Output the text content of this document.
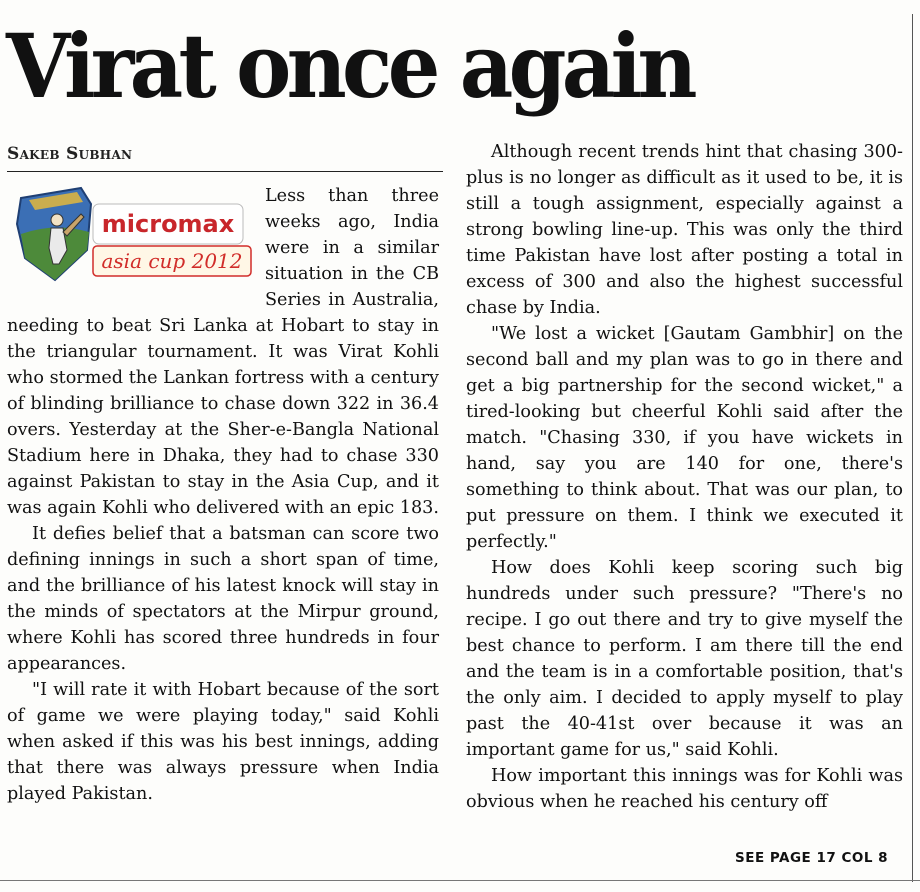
Virat once again
Sakeb Subhan
micromax
asia cup 2012

Less than three weeks ago, India were in a similar situation in the CB Series in Australia, needing to beat Sri Lanka at Hobart to stay in the triangular tournament. It was Virat Kohli who stormed the Lankan fortress with a century of blinding brilliance to chase down 322 in 36.4 overs. Yesterday at the Sher-e-Bangla National Stadium here in Dhaka, they had to chase 330 against Pakistan to stay in the Asia Cup, and it was again Kohli who delivered with an epic 183.

It defies belief that a batsman can score two defining innings in such a short span of time, and the brilliance of his latest knock will stay in the minds of spectators at the Mirpur ground, where Kohli has scored three hundreds in four appearances.

"I will rate it with Hobart because of the sort of game we were playing today," said Kohli when asked if this was his best innings, adding that there was always pressure when India played Pakistan.

Although recent trends hint that chasing 300-plus is no longer as difficult as it used to be, it is still a tough assignment, especially against a strong bowling line-up. This was only the third time Pakistan have lost after posting a total in excess of 300 and also the highest successful chase by India.

"We lost a wicket [Gautam Gambhir] on the second ball and my plan was to go in there and get a big partnership for the second wicket," a tired-looking but cheerful Kohli said after the match. "Chasing 330, if you have wickets in hand, say you are 140 for one, there's something to think about. That was our plan, to put pressure on them. I think we executed it perfectly."

How does Kohli keep scoring such big hundreds under such pressure? "There's no recipe. I go out there and try to give myself the best chance to perform. I am there till the end and the team is in a comfortable position, that's the only aim. I decided to apply myself to play past the 40-41st over because it was an important game for us," said Kohli.

How important this innings was for Kohli was obvious when he reached his century off

SEE PAGE 17 COL 8
